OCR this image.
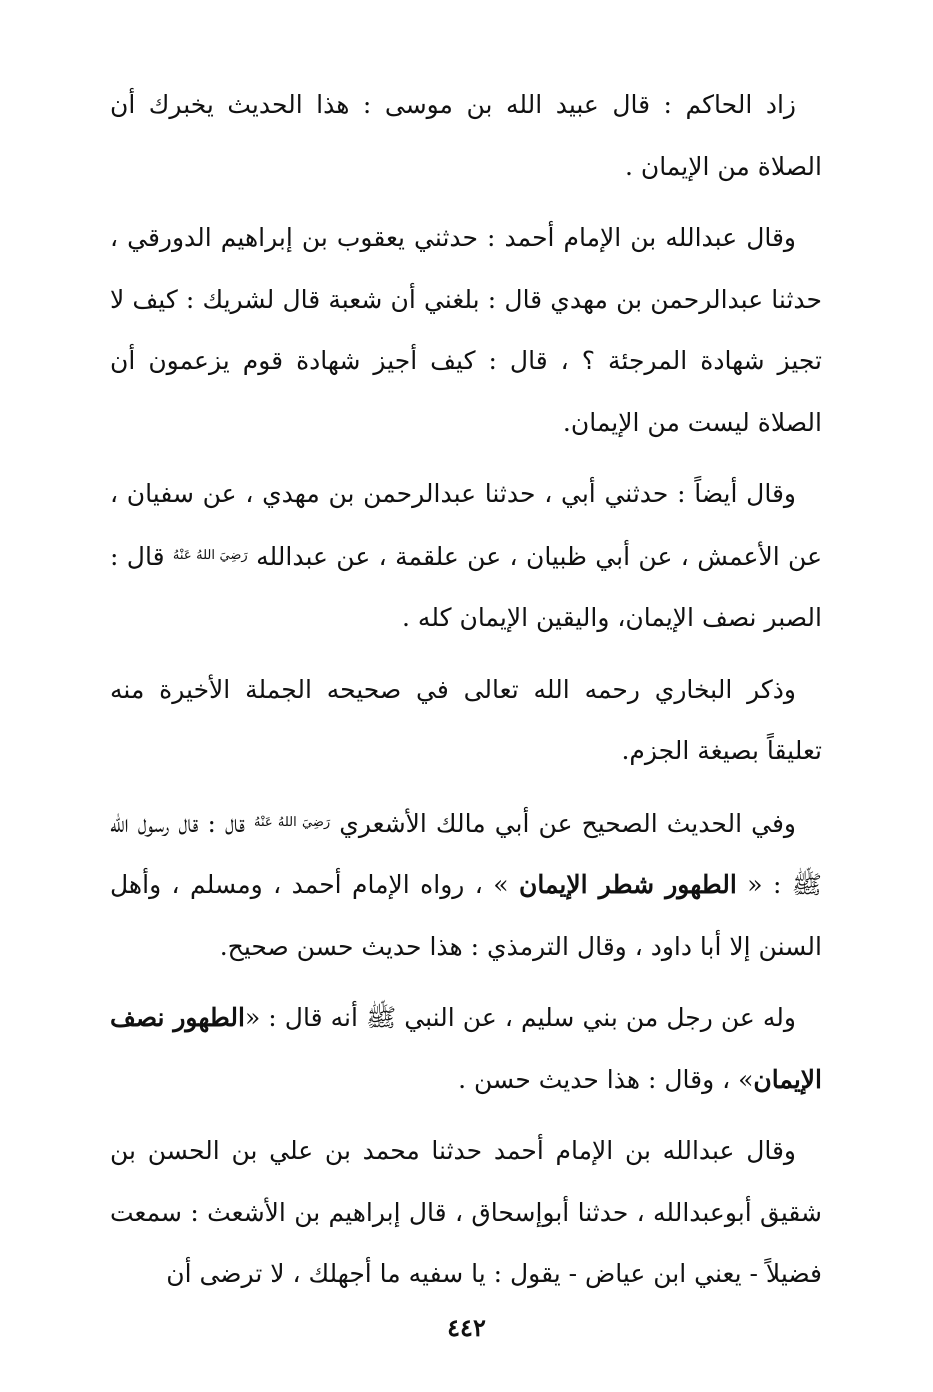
زاد الحاكم : قال عبيد الله بن موسى : هذا الحديث يخبرك أن الصلاة من الإيمان .

وقال عبدالله بن الإمام أحمد : حدثني يعقوب بن إبراهيم الدورقي ، حدثنا عبدالرحمن بن مهدي قال : بلغني أن شعبة قال لشريك : كيف لا تجيز شهادة المرجئة ؟ ، قال : كيف أجيز شهادة قوم يزعمون أن الصلاة ليست من الإيمان.

وقال أيضاً : حدثني أبي ، حدثنا عبدالرحمن بن مهدي ، عن سفيان ، عن الأعمش ، عن أبي ظبيان ، عن علقمة ، عن عبدالله $^{رَضِيَ اللهُ عَنْهُ}$ قال : الصبر نصف الإيمان، واليقين الإيمان كله .

وذكر البخاري رحمه الله تعالى في صحيحه الجملة الأخيرة منه تعليقاً بصيغة الجزم.

وفي الحديث الصحيح عن أبي مالك الأشعري $^{رَضِيَ اللهُ عَنْهُ}$ قال : قال رسول الله ﷺ : « الطهور شطر الإيمان » ، رواه الإمام أحمد ، ومسلم ، وأهل السنن إلا أبا داود ، وقال الترمذي : هذا حديث حسن صحيح.

وله عن رجل من بني سليم ، عن النبي ﷺ أنه قال : «الطهور نصف الإيمان» ، وقال : هذا حديث حسن .

وقال عبدالله بن الإمام أحمد حدثنا محمد بن علي بن الحسن بن شقيق أبوعبدالله ، حدثنا أبوإسحاق ، قال إبراهيم بن الأشعث : سمعت فضيلاً - يعني ابن عياض - يقول : يا سفيه ما أجهلك ، لا ترضى أن

٤٤٢
